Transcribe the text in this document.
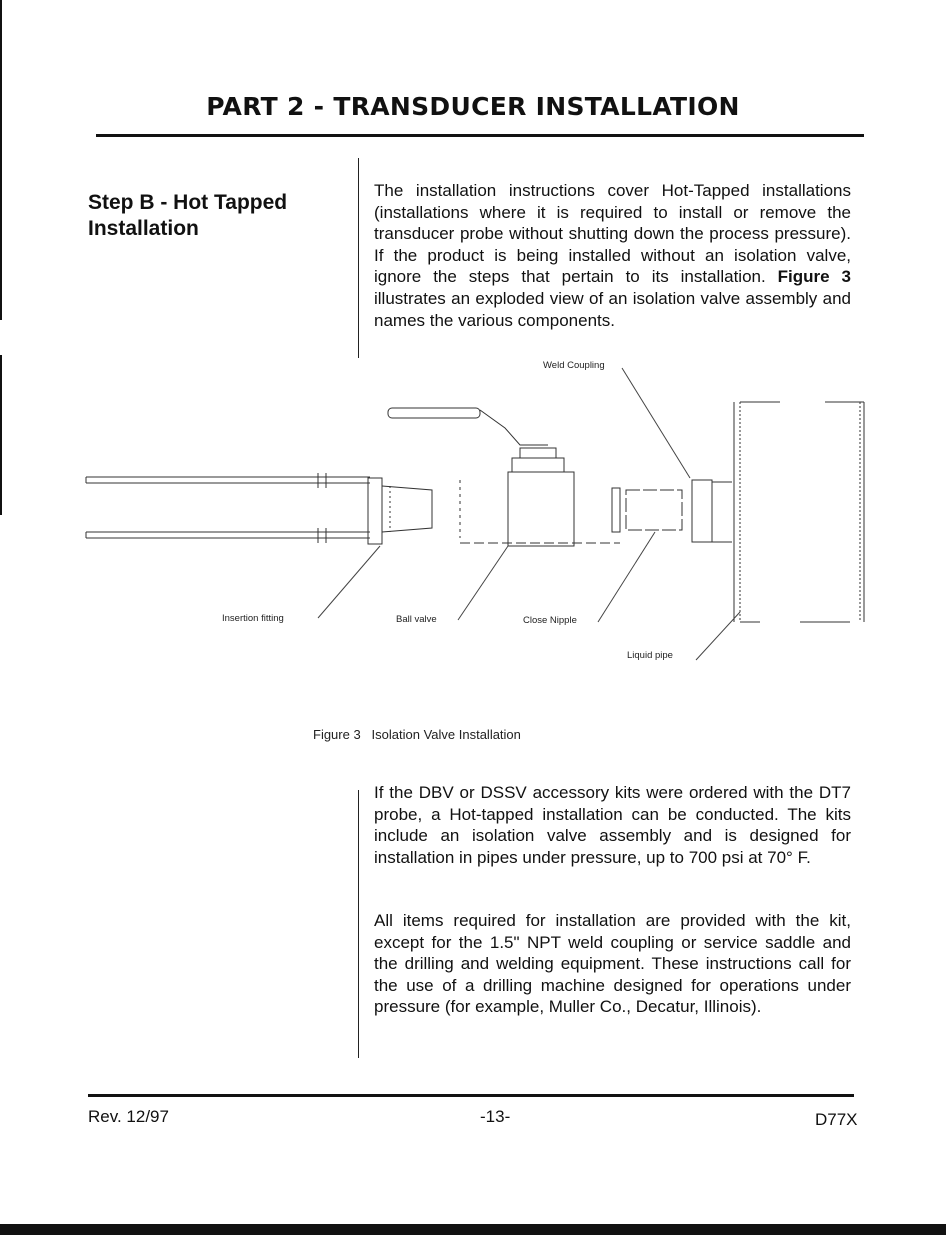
PART 2 - TRANSDUCER INSTALLATION
Step B - Hot Tapped Installation
The installation instructions cover Hot-Tapped installations (installations where it is required to install or remove the transducer probe without shutting down the process pressure). If the product is being installed without an isolation valve, ignore the steps that pertain to its installation. Figure 3 illustrates an exploded view of an isolation valve assembly and names the various components.
Weld Coupling
Insertion fitting	Ball valve	Close Nipple
Liquid pipe
Figure 3 Isolation Valve Installation
If the DBV or DSSV accessory kits were ordered with the DT7 probe, a Hot-tapped installation can be conducted. The kits include an isolation valve assembly and is designed for installation in pipes under pressure, up to 700 psi at 70° F.
All items required for installation are provided with the kit, except for the 1.5" NPT weld coupling or service saddle and the drilling and welding equipment. These instructions call for the use of a drilling machine designed for operations under pressure (for example, Muller Co., Decatur, Illinois).
Rev. 12/97	-13-	D77X
